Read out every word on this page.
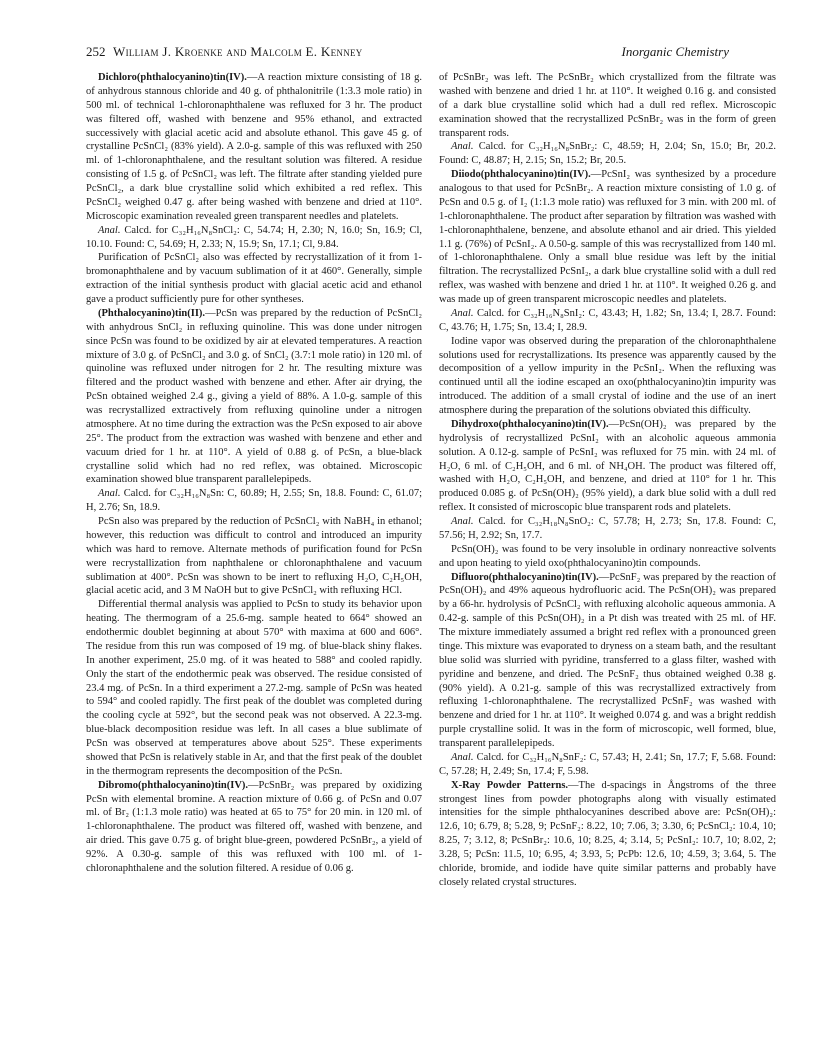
252 William J. Kroenke and Malcolm E. Kenney	Inorganic Chemistry

Dichloro(phthalocyanino)tin(IV).—A reaction mixture consisting of 18 g. of anhydrous stannous chloride and 40 g. of phthalonitrile (1:3.3 mole ratio) in 500 ml. of technical 1-chloronaphthalene was refluxed for 3 hr. The product was filtered off, washed with benzene and 95% ethanol, and extracted successively with glacial acetic acid and absolute ethanol. This gave 45 g. of crystalline PcSnCl₂ (83% yield). A 2.0-g. sample of this was refluxed with 250 ml. of 1-chloronaphthalene, and the resultant solution was filtered. A residue consisting of 1.5 g. of PcSnCl₂ was left. The filtrate after standing yielded pure PcSnCl₂, a dark blue crystalline solid which exhibited a red reflex. This PcSnCl₂ weighed 0.47 g. after being washed with benzene and dried at 110°. Microscopic examination revealed green transparent needles and platelets.

Anal. Calcd. for C₃₂H₁₆N₈SnCl₂: C, 54.74; H, 2.30; N, 16.0; Sn, 16.9; Cl, 10.10. Found: C, 54.69; H, 2.33; N, 15.9; Sn, 17.1; Cl, 9.84.

Purification of PcSnCl₂ also was effected by recrystallization of it from 1-bromonaphthalene and by vacuum sublimation of it at 460°. Generally, simple extraction of the initial synthesis product with glacial acetic acid and ethanol gave a product sufficiently pure for other syntheses.

(Phthalocyanino)tin(II).—PcSn was prepared by the reduction of PcSnCl₂ with anhydrous SnCl₂ in refluxing quinoline. This was done under nitrogen since PcSn was found to be oxidized by air at elevated temperatures. A reaction mixture of 3.0 g. of PcSnCl₂ and 3.0 g. of SnCl₂ (3.7:1 mole ratio) in 120 ml. of quinoline was refluxed under nitrogen for 2 hr. The resulting mixture was filtered and the product washed with benzene and ether. After air drying, the PcSn obtained weighed 2.4 g., giving a yield of 88%. A 1.0-g. sample of this was recrystallized extractively from refluxing quinoline under a nitrogen atmosphere. At no time during the extraction was the PcSn exposed to air above 25°. The product from the extraction was washed with benzene and ether and vacuum dried for 1 hr. at 110°. A yield of 0.88 g. of PcSn, a blue-black crystalline solid which had no red reflex, was obtained. Microscopic examination showed blue transparent parallelepipeds.

Anal. Calcd. for C₃₂H₁₆N₈Sn: C, 60.89; H, 2.55; Sn, 18.8. Found: C, 61.07; H, 2.76; Sn, 18.9.

PcSn also was prepared by the reduction of PcSnCl₂ with NaBH₄ in ethanol; however, this reduction was difficult to control and introduced an impurity which was hard to remove. Alternate methods of purification found for PcSn were recrystallization from naphthalene or chloronaphthalene and vacuum sublimation at 400°. PcSn was shown to be inert to refluxing H₂O, C₂H₅OH, glacial acetic acid, and 3 M NaOH but to give PcSnCl₂ with refluxing HCl.

Differential thermal analysis was applied to PcSn to study its behavior upon heating. The thermogram of a 25.6-mg. sample heated to 664° showed an endothermic doublet beginning at about 570° with maxima at 600 and 606°. The residue from this run was composed of 19 mg. of blue-black shiny flakes. In another experiment, 25.0 mg. of it was heated to 588° and cooled rapidly. Only the start of the endothermic peak was observed. The residue consisted of 23.4 mg. of PcSn. In a third experiment a 27.2-mg. sample of PcSn was heated to 594° and cooled rapidly. The first peak of the doublet was completed during the cooling cycle at 592°, but the second peak was not observed. A 22.3-mg. blue-black decomposition residue was left. In all cases a blue sublimate of PcSn was observed at temperatures above about 525°. These experiments showed that PcSn is relatively stable in Ar, and that the first peak of the doublet in the thermogram represents the decomposition of the PcSn.

Dibromo(phthalocyanino)tin(IV).—PcSnBr₂ was prepared by oxidizing PcSn with elemental bromine. A reaction mixture of 0.66 g. of PcSn and 0.07 ml. of Br₂ (1:1.3 mole ratio) was heated at 65 to 75° for 20 min. in 120 ml. of 1-chloronaphthalene. The product was filtered off, washed with benzene, and air dried. This gave 0.75 g. of bright blue-green, powdered PcSnBr₂, a yield of 92%. A 0.30-g. sample of this was refluxed with 100 ml. of 1-chloronaphthalene and the solution filtered. A residue of 0.06 g.

of PcSnBr₂ was left. The PcSnBr₂ which crystallized from the filtrate was washed with benzene and dried 1 hr. at 110°. It weighed 0.16 g. and consisted of a dark blue crystalline solid which had a dull red reflex. Microscopic examination showed that the recrystallized PcSnBr₂ was in the form of green transparent rods.

Anal. Calcd. for C₃₂H₁₆N₈SnBr₂: C, 48.59; H, 2.04; Sn, 15.0; Br, 20.2. Found: C, 48.87; H, 2.15; Sn, 15.2; Br, 20.5.

Diiodo(phthalocyanino)tin(IV).—PcSnI₂ was synthesized by a procedure analogous to that used for PcSnBr₂. A reaction mixture consisting of 1.0 g. of PcSn and 0.5 g. of I₂ (1:1.3 mole ratio) was refluxed for 3 min. with 200 ml. of 1-chloronaphthalene. The product after separation by filtration was washed with 1-chloronaphthalene, benzene, and absolute ethanol and air dried. This yielded 1.1 g. (76%) of PcSnI₂. A 0.50-g. sample of this was recrystallized from 140 ml. of 1-chloronaphthalene. Only a small blue residue was left by the initial filtration. The recrystallized PcSnI₂, a dark blue crystalline solid with a dull red reflex, was washed with benzene and dried 1 hr. at 110°. It weighed 0.26 g. and was made up of green transparent microscopic needles and platelets.

Anal. Calcd. for C₃₂H₁₆N₈SnI₂: C, 43.43; H, 1.82; Sn, 13.4; I, 28.7. Found: C, 43.76; H, 1.75; Sn, 13.4; I, 28.9.

Iodine vapor was observed during the preparation of the chloronaphthalene solutions used for recrystallizations. Its presence was apparently caused by the decomposition of a yellow impurity in the PcSnI₂. When the refluxing was continued until all the iodine escaped an oxo(phthalocyanino)tin impurity was introduced. The addition of a small crystal of iodine and the use of an inert atmosphere during the preparation of the solutions obviated this difficulty.

Dihydroxo(phthalocyanino)tin(IV).—PcSn(OH)₂ was prepared by the hydrolysis of recrystallized PcSnI₂ with an alcoholic aqueous ammonia solution. A 0.12-g. sample of PcSnI₂ was refluxed for 75 min. with 24 ml. of H₂O, 6 ml. of C₂H₅OH, and 6 ml. of NH₄OH. The product was filtered off, washed with H₂O, C₂H₅OH, and benzene, and dried at 110° for 1 hr. This produced 0.085 g. of PcSn(OH)₂ (95% yield), a dark blue solid with a dull red reflex. It consisted of microscopic blue transparent rods and platelets.

Anal. Calcd. for C₃₂H₁₈N₈SnO₂: C, 57.78; H, 2.73; Sn, 17.8. Found: C, 57.56; H, 2.92; Sn, 17.7.

PcSn(OH)₂ was found to be very insoluble in ordinary nonreactive solvents and upon heating to yield oxo(phthalocyanino)tin compounds.

Difluoro(phthalocyanino)tin(IV).—PcSnF₂ was prepared by the reaction of PcSn(OH)₂ and 49% aqueous hydrofluoric acid. The PcSn(OH)₂ was prepared by a 66-hr. hydrolysis of PcSnCl₂ with refluxing alcoholic aqueous ammonia. A 0.42-g. sample of this PcSn(OH)₂ in a Pt dish was treated with 25 ml. of HF. The mixture immediately assumed a bright red reflex with a pronounced green tinge. This mixture was evaporated to dryness on a steam bath, and the resultant blue solid was slurried with pyridine, transferred to a glass filter, washed with pyridine and benzene, and dried. The PcSnF₂ thus obtained weighed 0.38 g. (90% yield). A 0.21-g. sample of this was recrystallized extractively from refluxing 1-chloronaphthalene. The recrystallized PcSnF₂ was washed with benzene and dried for 1 hr. at 110°. It weighed 0.074 g. and was a bright reddish purple crystalline solid. It was in the form of microscopic, well formed, blue, transparent parallelepipeds.

Anal. Calcd. for C₃₂H₁₆N₈SnF₂: C, 57.43; H, 2.41; Sn, 17.7; F, 5.68. Found: C, 57.28; H, 2.49; Sn, 17.4; F, 5.98.

X-Ray Powder Patterns.—The d-spacings in Ångstroms of the three strongest lines from powder photographs along with visually estimated intensities for the simple phthalocyanines described above are: PcSn(OH)₂: 12.6, 10; 6.79, 8; 5.28, 9; PcSnF₂: 8.22, 10; 7.06, 3; 3.30, 6; PcSnCl₂: 10.4, 10; 8.25, 7; 3.12, 8; PcSnBr₂: 10.6, 10; 8.25, 4; 3.14, 5; PcSnI₂: 10.7, 10; 8.02, 2; 3.28, 5; PcSn: 11.5, 10; 6.95, 4; 3.93, 5; PcPb: 12.6, 10; 4.59, 3; 3.64, 5. The chloride, bromide, and iodide have quite similar patterns and probably have closely related crystal structures.
